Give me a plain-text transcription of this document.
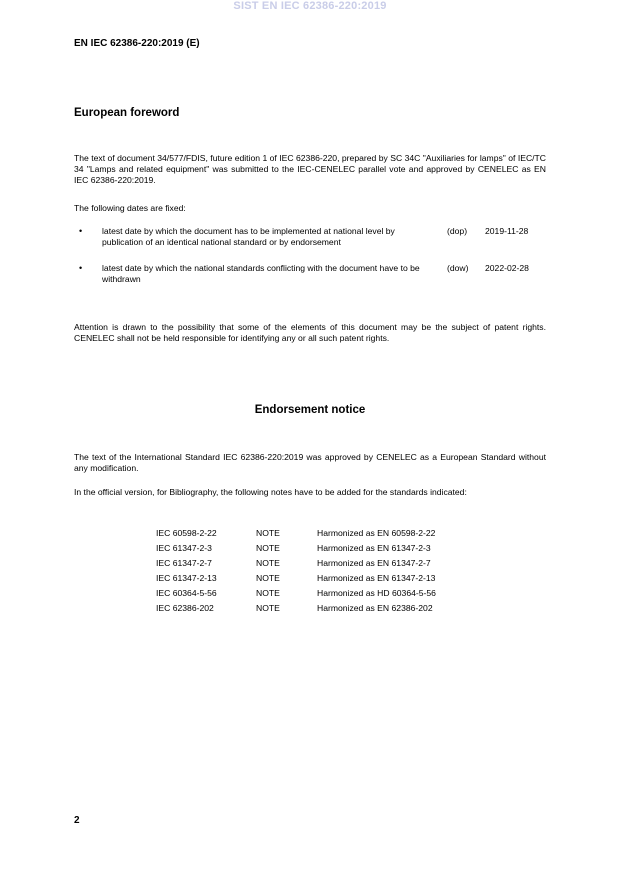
SIST EN IEC 62386-220:2019
EN IEC 62386-220:2019 (E)
European foreword
The text of document 34/577/FDIS, future edition 1 of IEC 62386-220, prepared by SC 34C "Auxiliaries for lamps" of IEC/TC 34 "Lamps and related equipment" was submitted to the IEC-CENELEC parallel vote and approved by CENELEC as EN IEC 62386-220:2019.
The following dates are fixed:
• latest date by which the document has to be implemented at national level by publication of an identical national standard or by endorsement
(dop) 2019-11-28
• latest date by which the national standards conflicting with the document have to be withdrawn
(dow) 2022-02-28
Attention is drawn to the possibility that some of the elements of this document may be the subject of patent rights. CENELEC shall not be held responsible for identifying any or all such patent rights.
Endorsement notice
The text of the International Standard IEC 62386-220:2019 was approved by CENELEC as a European Standard without any modification.
In the official version, for Bibliography, the following notes have to be added for the standards indicated:
IEC 60598-2-22	NOTE	Harmonized as EN 60598-2-22
IEC 61347-2-3	NOTE	Harmonized as EN 61347-2-3
IEC 61347-2-7	NOTE	Harmonized as EN 61347-2-7
IEC 61347-2-13	NOTE	Harmonized as EN 61347-2-13
IEC 60364-5-56	NOTE	Harmonized as HD 60364-5-56
IEC 62386-202	NOTE	Harmonized as EN 62386-202
2
